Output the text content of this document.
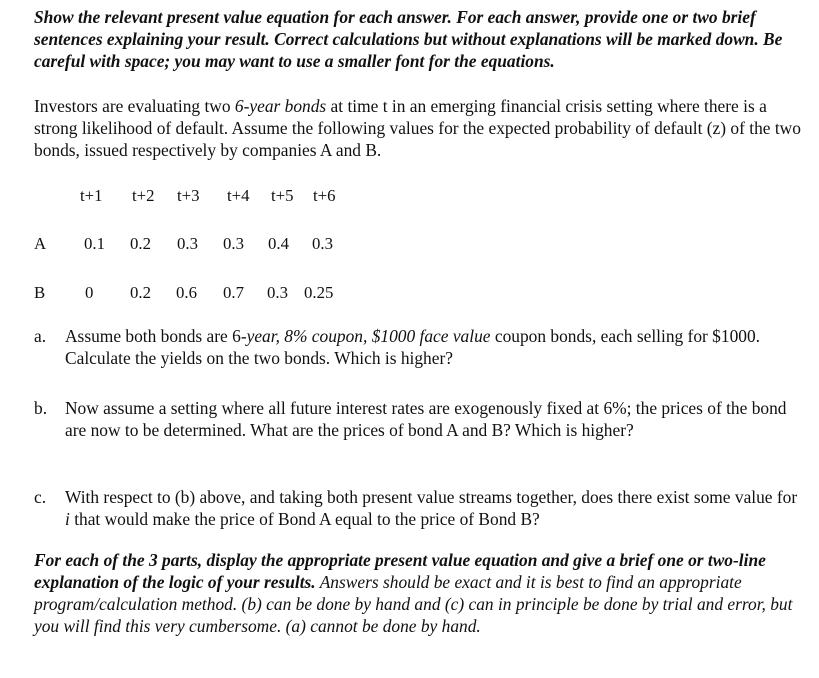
Show the relevant present value equation for each answer. For each answer, provide one or two brief sentences explaining your result. Correct calculations but without explanations will be marked down. Be careful with space; you may want to use a smaller font for the equations.

Investors are evaluating two 6-year bonds at time t in an emerging financial crisis setting where there is a strong likelihood of default. Assume the following values for the expected probability of default (z) of the two bonds, issued respectively by companies A and B.

t+1 t+2 t+3 t+4 t+5 t+6
A 0.1 0.2 0.3 0.3 0.4 0.3
B 0 0.2 0.6 0.7 0.3 0.25
a. Assume both bonds are 6-year, 8% coupon, $1000 face value coupon bonds, each selling for $1000. Calculate the yields on the two bonds. Which is higher?
b. Now assume a setting where all future interest rates are exogenously fixed at 6%; the prices of the bond are now to be determined. What are the prices of bond A and B? Which is higher?
c. With respect to (b) above, and taking both present value streams together, does there exist some value for i that would make the price of Bond A equal to the price of Bond B?

For each of the 3 parts, display the appropriate present value equation and give a brief one or two-line explanation of the logic of your results. Answers should be exact and it is best to find an appropriate program/calculation method. (b) can be done by hand and (c) can in principle be done by trial and error, but you will find this very cumbersome. (a) cannot be done by hand.
